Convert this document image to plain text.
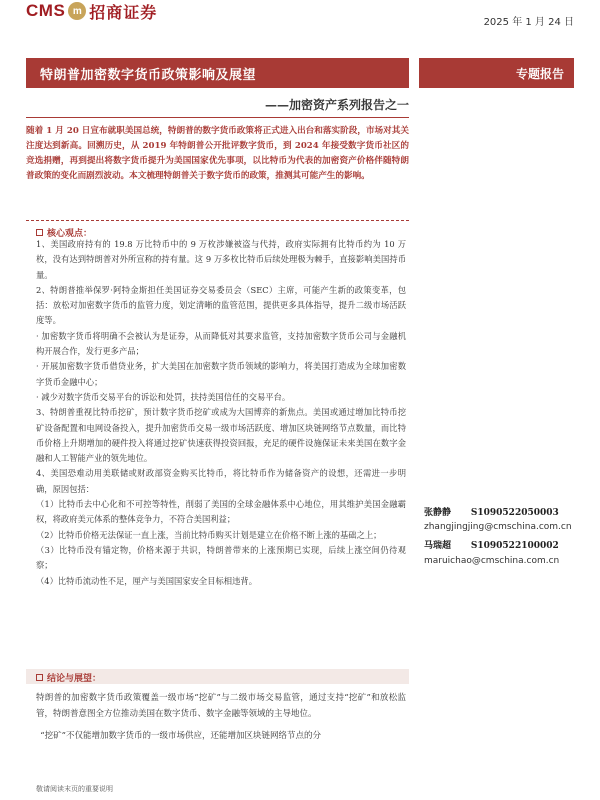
CMS m 招商证券
2025 年 1 月 24 日
特朗普加密数字货币政策影响及展望	专题报告
——加密资产系列报告之一
随着 1 月 20 日宣布就职美国总统，特朗普的数字货币政策将正式进入出台和落实阶段，市场对其关注度达到新高。回溯历史，从 2019 年特朗普公开批评数字货币，到 2024 年接受数字货币社区的竞选捐赠，再到提出将数字货币提升为美国国家优先事项，以比特币为代表的加密资产价格伴随特朗普政策的变化而剧烈波动。本文梳理特朗普关于数字货币的政策，推测其可能产生的影响。
核心观点：

1、美国政府持有的 19.8 万比特币中的 9 万枚涉嫌被盗与代持，政府实际拥有比特币约为 10 万枚，没有达到特朗普对外所宣称的持有量。这 9 万多枚比特币后续处理极为棘手，直接影响美国持币量。

2、特朗普推举保罗·阿特金斯担任美国证券交易委员会（SEC）主席，可能产生新的政策变革，包括：放松对加密数字货币的监管力度，划定清晰的监管范围，提供更多具体指导，提升二级市场活跃度等。

· 加密数字货币将明确不会被认为是证券，从而降低对其要求监管，支持加密数字货币公司与金融机构开展合作，发行更多产品；

· 开展加密数字货币借贷业务，扩大美国在加密数字货币领域的影响力，将美国打造成为全球加密数字货币金融中心；

· 减少对数字货币交易平台的诉讼和处罚，扶持美国信任的交易平台。

3、特朗普重视比特币挖矿，预计数字货币挖矿或成为大国博弈的新焦点。美国或通过增加比特币挖矿设备配置和电网设备投入，提升加密货币交易一级市场活跃度、增加区块链网络节点数量，而比特币价格上升期增加的硬件投入将通过挖矿快速获得投资回报，充足的硬件设施保证未来美国在数字金融和人工智能产业的领先地位。

4、美国恐难动用美联储或财政部资金购买比特币，将比特币作为储备资产的设想，还需进一步明确，原因包括：

（1）比特币去中心化和不可控等特性，削弱了美国的全球金融体系中心地位，用其维护美国金融霸权，将政府美元体系的整体竞争力，不符合美国利益；

（2）比特币价格无法保证一直上涨，当前比特币购买计划是建立在价格不断上涨的基础之上；

（3）比特币没有锚定物，价格来源于共识，特朗普带来的上涨预期已实现，后续上涨空间仍待观察；

（4）比特币流动性不足，厘产与美国国家安全目标相违背。

结论与展望：

特朗普的加密数字货币政策覆盖一级市场“挖矿”与二级市场交易监管，通过支持“挖矿”和放松监管，特朗普意图全方位推动美国在数字货币、数字金融等领域的主导地位。

“挖矿”不仅能增加数字货币的一级市场供应，还能增加区块链网络节点的分

张静静 S1090522050003
zhangjingjing@cmschina.com.cn
马瑞超 S1090522100002
maruichao@cmschina.com.cn
敬请阅读末页的重要说明
